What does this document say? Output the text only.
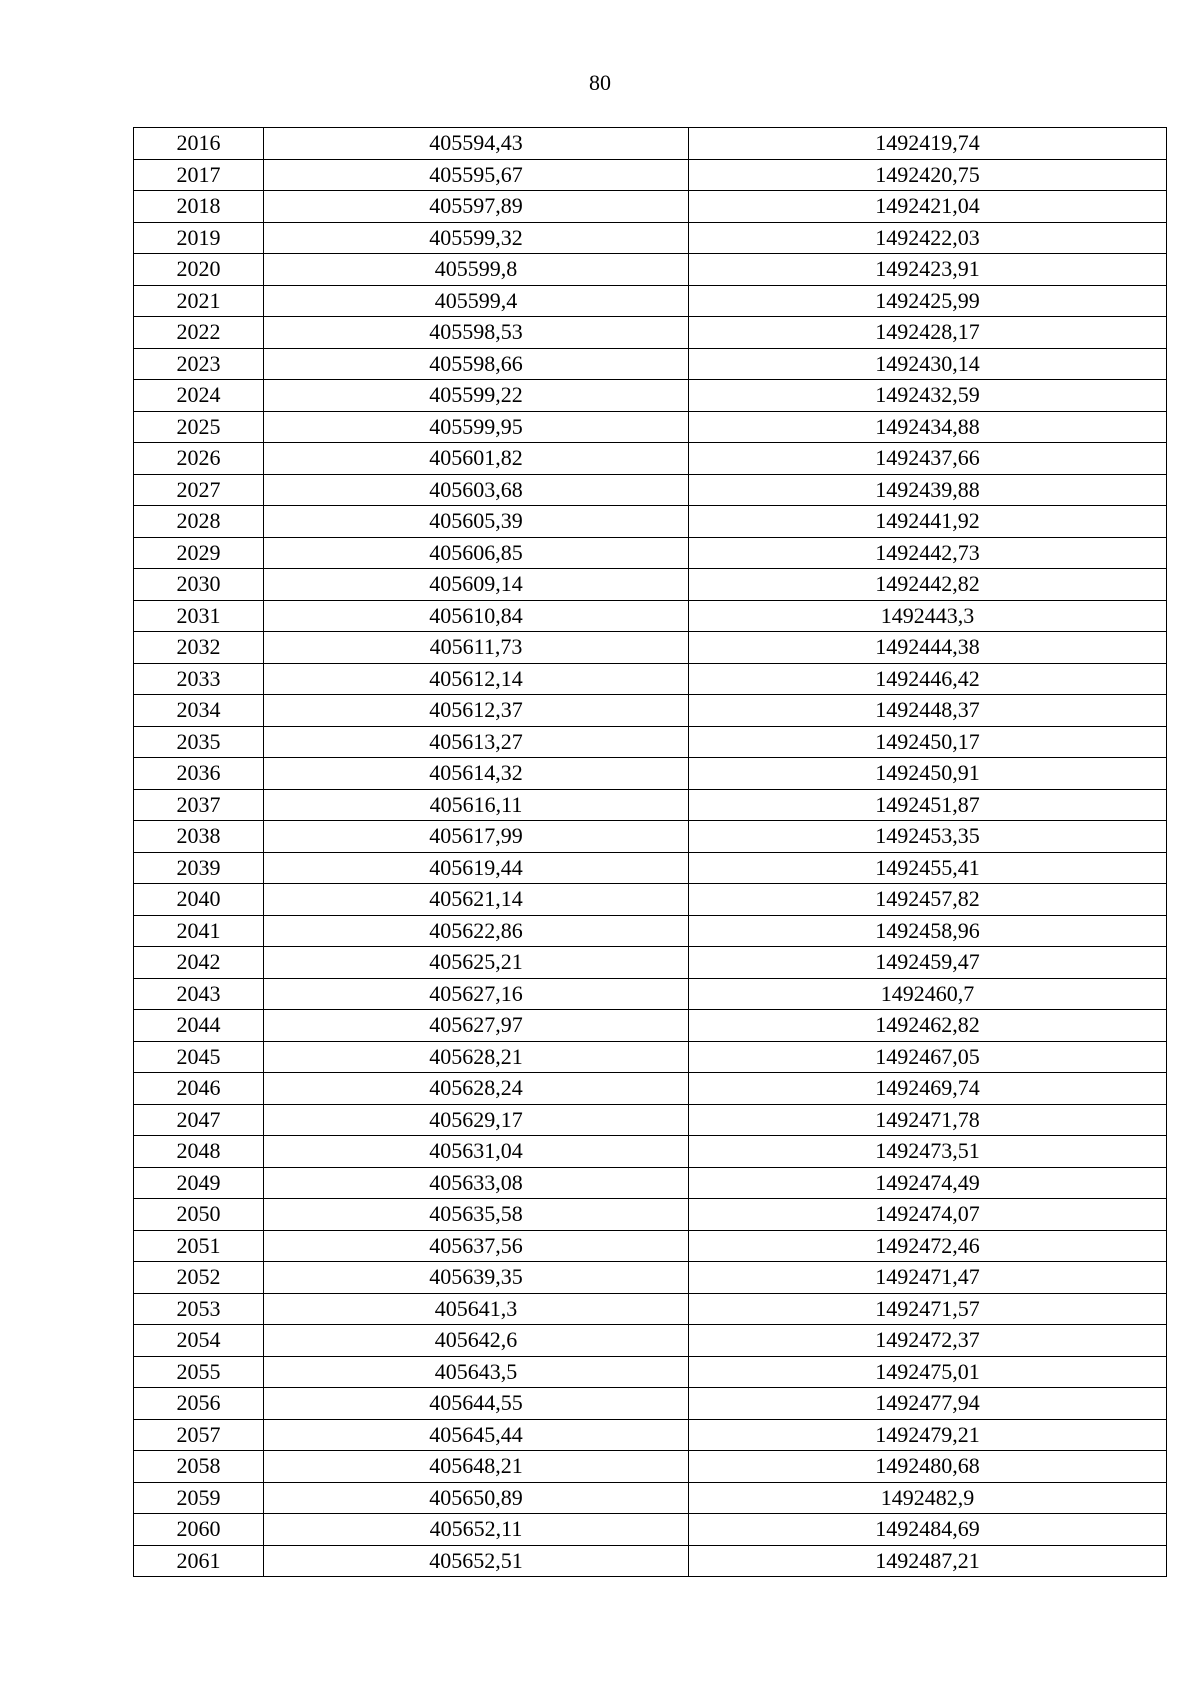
80
2016	405594,43	1492419,74
2017	405595,67	1492420,75
2018	405597,89	1492421,04
2019	405599,32	1492422,03
2020	405599,8	1492423,91
2021	405599,4	1492425,99
2022	405598,53	1492428,17
2023	405598,66	1492430,14
2024	405599,22	1492432,59
2025	405599,95	1492434,88
2026	405601,82	1492437,66
2027	405603,68	1492439,88
2028	405605,39	1492441,92
2029	405606,85	1492442,73
2030	405609,14	1492442,82
2031	405610,84	1492443,3
2032	405611,73	1492444,38
2033	405612,14	1492446,42
2034	405612,37	1492448,37
2035	405613,27	1492450,17
2036	405614,32	1492450,91
2037	405616,11	1492451,87
2038	405617,99	1492453,35
2039	405619,44	1492455,41
2040	405621,14	1492457,82
2041	405622,86	1492458,96
2042	405625,21	1492459,47
2043	405627,16	1492460,7
2044	405627,97	1492462,82
2045	405628,21	1492467,05
2046	405628,24	1492469,74
2047	405629,17	1492471,78
2048	405631,04	1492473,51
2049	405633,08	1492474,49
2050	405635,58	1492474,07
2051	405637,56	1492472,46
2052	405639,35	1492471,47
2053	405641,3	1492471,57
2054	405642,6	1492472,37
2055	405643,5	1492475,01
2056	405644,55	1492477,94
2057	405645,44	1492479,21
2058	405648,21	1492480,68
2059	405650,89	1492482,9
2060	405652,11	1492484,69
2061	405652,51	1492487,21
